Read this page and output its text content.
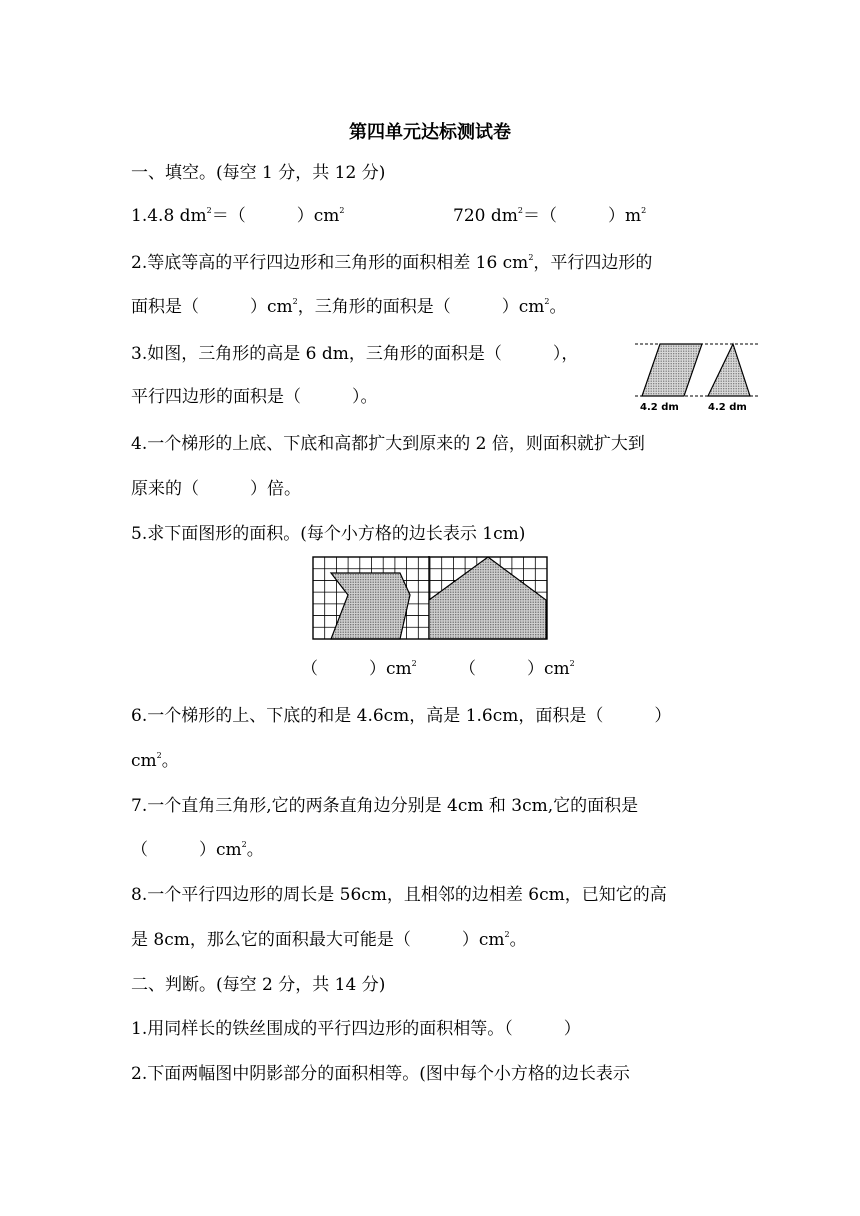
第四单元达标测试卷
一、填空。(每空 1 分，共 12 分)
1.4.8 $dm^2=$（　　　）$cm^2$	720 $dm^2=$（　　　）$m^2$
2.等底等高的平行四边形和三角形的面积相差 16 $cm^2$，平行四边形的
面积是（　　　）$cm^2$，三角形的面积是（　　　）$cm^2$。
3.如图，三角形的高是 6 dm，三角形的面积是（　　　），
平行四边形的面积是（　　　）。
4.2 dm	4.2 dm
4.一个梯形的上底、下底和高都扩大到原来的 2 倍，则面积就扩大到
原来的（　　　）倍。
5.求下面图形的面积。(每个小方格的边长表示 1cm)
（　　　）$cm^2$ （　　　）$cm^2$
6.一个梯形的上、下底的和是 4.6cm，高是 1.6cm，面积是（　　　）
$cm^2$。
7.一个直角三角形,它的两条直角边分别是 4cm 和 3cm,它的面积是
（　　　）$cm^2$。
8.一个平行四边形的周长是 56cm，且相邻的边相差 6cm，已知它的高
是 8cm，那么它的面积最大可能是（　　　）$cm^2$。
二、判断。(每空 2 分，共 14 分)
1.用同样长的铁丝围成的平行四边形的面积相等。（　　　）
2.下面两幅图中阴影部分的面积相等。(图中每个小方格的边长表示
